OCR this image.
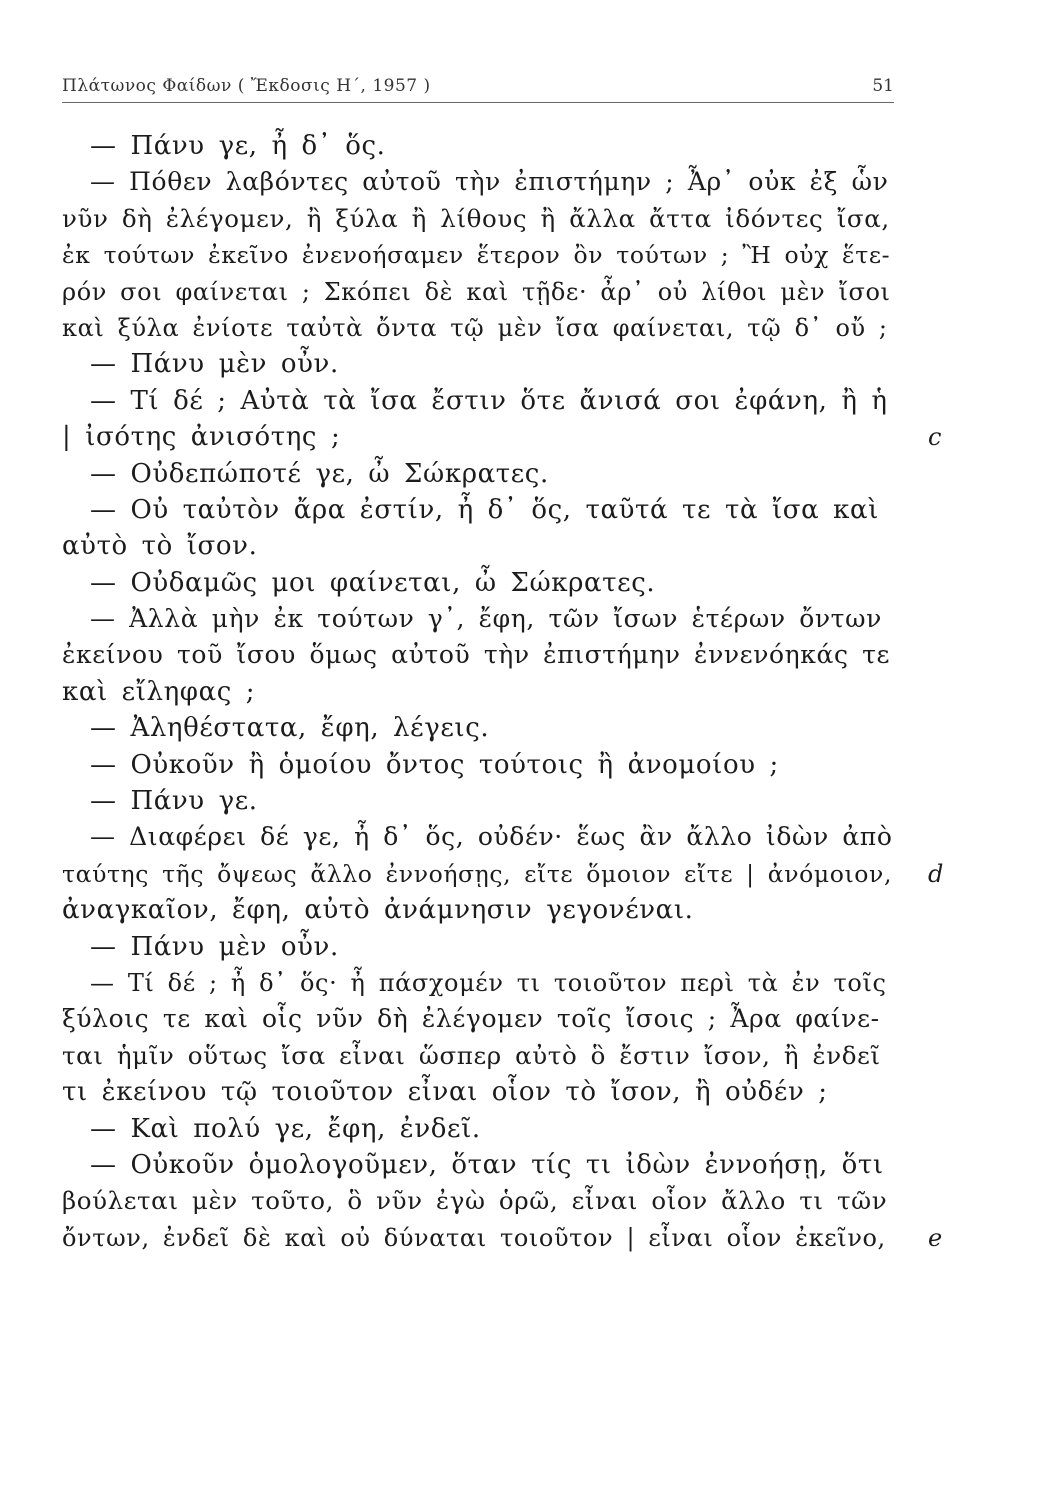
Πλάτωνος Φαίδων ( Ἔκδοσις Η΄, 1957 )	51
— Πάνυ γε, ἦ δ᾽ ὅς.
— Πόθεν λαβόντες αὐτοῦ τὴν ἐπιστήμην ; Ἆρ᾽ οὐκ ἐξ ὧν
νῦν δὴ ἐλέγομεν, ἢ ξύλα ἢ λίθους ἢ ἄλλα ἄττα ἰδόντες ἴσα,
ἐκ τούτων ἐκεῖνο ἐνενοήσαμεν ἕτερον ὂν τούτων ; Ἢ οὐχ ἕτε-
ρόν σοι φαίνεται ; Σκόπει δὲ καὶ τῇδε· ἆρ᾽ οὐ λίθοι μὲν ἴσοι
καὶ ξύλα ἐνίοτε ταὐτὰ ὄντα τῷ μὲν ἴσα φαίνεται, τῷ δ᾽ οὔ ;
— Πάνυ μὲν οὖν.
— Τί δέ ; Αὐτὰ τὰ ἴσα ἔστιν ὅτε ἄνισά σοι ἐφάνη, ἢ ἡ
| ἰσότης ἀνισότης ;	c
— Οὐδεπώποτέ γε, ὦ Σώκρατες.
— Οὐ ταὐτὸν ἄρα ἐστίν, ἦ δ᾽ ὅς, ταῦτά τε τὰ ἴσα καὶ
αὐτὸ τὸ ἴσον.
— Οὐδαμῶς μοι φαίνεται, ὦ Σώκρατες.
— Ἀλλὰ μὴν ἐκ τούτων γ᾽, ἔφη, τῶν ἴσων ἑτέρων ὄντων
ἐκείνου τοῦ ἴσου ὅμως αὐτοῦ τὴν ἐπιστήμην ἐννενόηκάς τε
καὶ εἴληφας ;
— Ἀληθέστατα, ἔφη, λέγεις.
— Οὐκοῦν ἢ ὁμοίου ὄντος τούτοις ἢ ἀνομοίου ;
— Πάνυ γε.
— Διαφέρει δέ γε, ἦ δ᾽ ὅς, οὐδέν· ἕως ἂν ἄλλο ἰδὼν ἀπὸ
ταύτης τῆς ὄψεως ἄλλο ἐννοήσῃς, εἴτε ὅμοιον εἴτε | ἀνόμοιον, d
ἀναγκαῖον, ἔφη, αὐτὸ ἀνάμνησιν γεγονέναι.
— Πάνυ μὲν οὖν.
— Τί δέ ; ἦ δ᾽ ὅς· ἦ πάσχομέν τι τοιοῦτον περὶ τὰ ἐν τοῖς
ξύλοις τε καὶ οἷς νῦν δὴ ἐλέγομεν τοῖς ἴσοις ; Ἆρα φαίνε-
ται ἡμῖν οὕτως ἴσα εἶναι ὥσπερ αὐτὸ ὃ ἔστιν ἴσον, ἢ ἐνδεῖ
τι ἐκείνου τῷ τοιοῦτον εἶναι οἷον τὸ ἴσον, ἢ οὐδέν ;
— Καὶ πολύ γε, ἔφη, ἐνδεῖ.
— Οὐκοῦν ὁμολογοῦμεν, ὅταν τίς τι ἰδὼν ἐννοήσῃ, ὅτι
βούλεται μὲν τοῦτο, ὃ νῦν ἐγὼ ὁρῶ, εἶναι οἷον ἄλλο τι τῶν
ὄντων, ἐνδεῖ δὲ καὶ οὐ δύναται τοιοῦτον | εἶναι οἷον ἐκεῖνο, e
